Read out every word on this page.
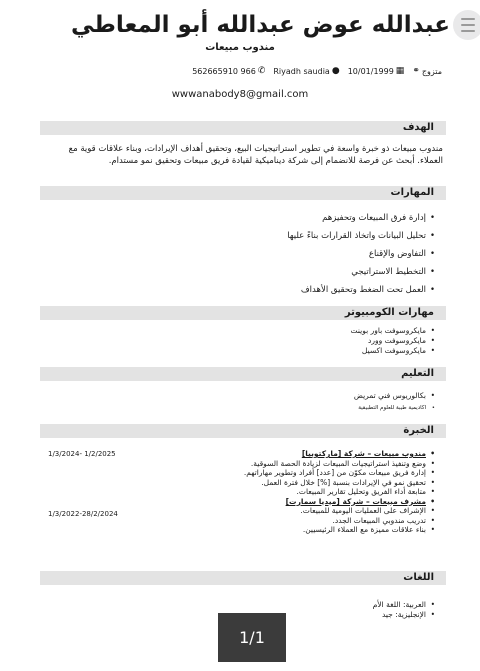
عبدالله عوض عبدالله أبو المعاطي
مندوب مبيعات
متزوج
⚭
▦
10/01/1999
●
Riyadh saudia
✆
966 562665910
wwwanabody8@gmail.com
الهدف
مندوب مبيعات ذو خبرة واسعة في تطوير استراتيجيات البيع، وتحقيق أهداف الإيرادات، وبناء علاقات قوية مع العملاء. أبحث عن فرصة للانضمام إلى شركة ديناميكية لقيادة فريق مبيعات وتحقيق نمو مستدام.
المهارات
• إدارة فرق المبيعات وتحفيزهم
• تحليل البيانات واتخاذ القرارات بناءً عليها
• التفاوض والإقناع
• التخطيط الاستراتيجي
• العمل تحت الضغط وتحقيق الأهداف
مهارات الكومبيوتر
• مايكروسوفت باور بوينت
• مايكروسوفت وورد
• مايكروسوفت اكسيل
التعليم
• بكالوريوس فني تمريض
• اكاديمية طيبة للعلوم التطبيقية
الخبرة
1/3/2024- 1/2/2025
1/3/2022-28/2/2024
• مندوب مبيعات – شركة [ماركتوبيا]
• وضع وتنفيذ استراتيجيات المبيعات لزيادة الحصة السوقية.
• إدارة فريق مبيعات مكوّن من [عدد] أفراد وتطوير مهاراتهم.
• تحقيق نمو في الإيرادات بنسبة [%] خلال فترة العمل.
• متابعة أداء الفريق وتحليل تقارير المبيعات.
• مشرف مبيعات – شركة [ميديا سمارت]
• الإشراف على العمليات اليومية للمبيعات.
• تدريب مندوبي المبيعات الجدد.
• بناء علاقات مميزة مع العملاء الرئيسيين.
اللغات
• العربية: اللغة الأم
• الإنجليزية: جيد
1/1
